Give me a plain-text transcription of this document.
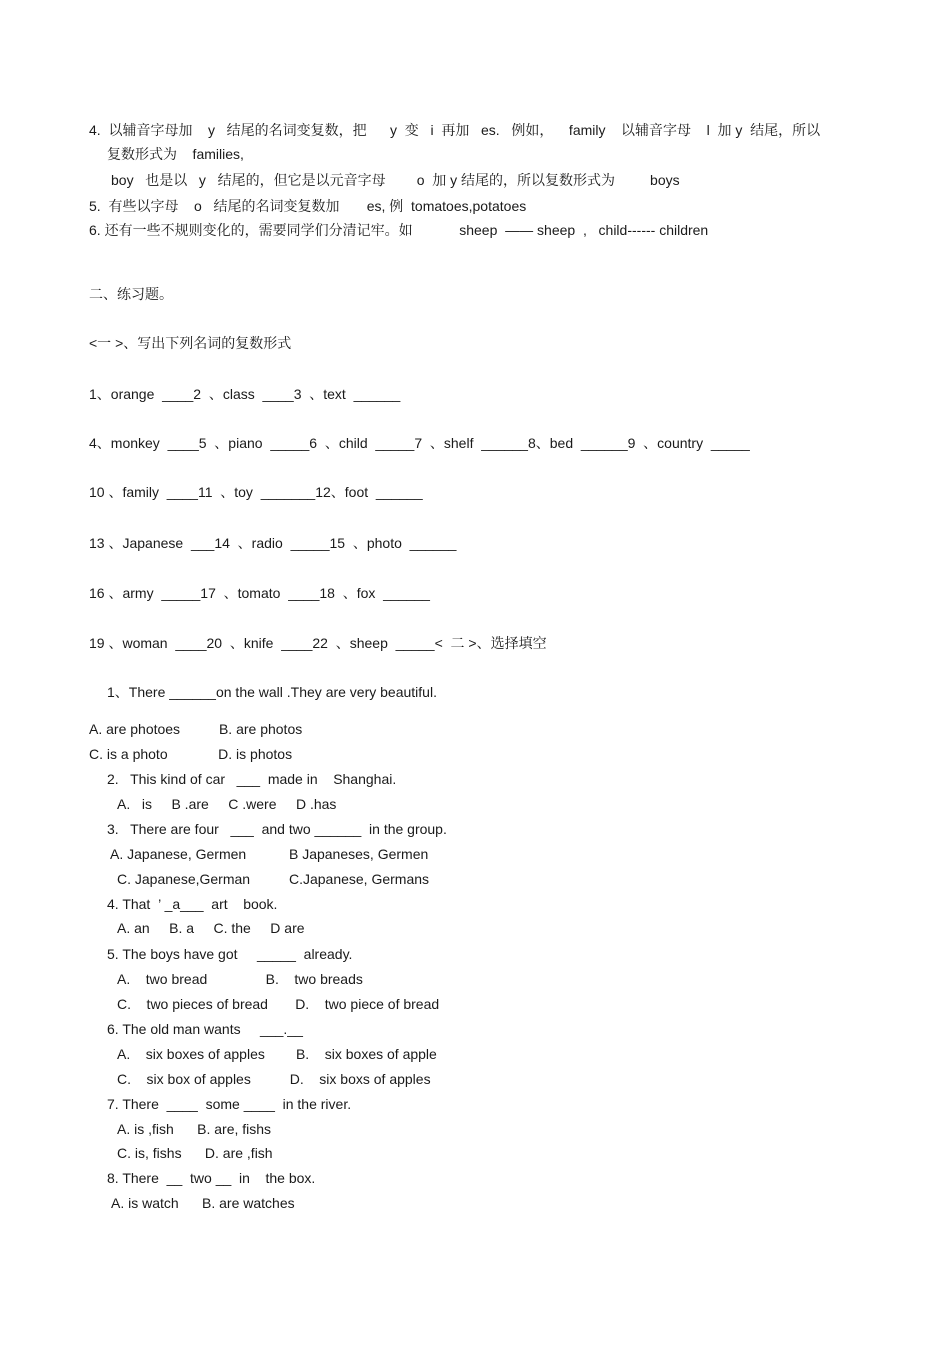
4.  以辅音字母加    y   结尾的名词变复数，把      y  变   i  再加   es.   例如，    family    以辅音字母    l  加 y  结尾，所以
复数形式为    families,
boy   也是以   y   结尾的，但它是以元音字母        o  加 y 结尾的，所以复数形式为         boys
5.  有些以字母    o   结尾的名词变复数加       es, 例  tomatoes,potatoes
6. 还有一些不规则变化的，需要同学们分清记牢。如            sheep  —— sheep  ,   child------ children
二、练习题。
<一 >、写出下列名词的复数形式
1、orange  ____2  、class  ____3  、text  ______
4、monkey  ____5  、piano  _____6  、child  _____7  、shelf  ______8、bed  ______9  、country  _____
10 、family  ____11  、toy  _______12、foot  ______
13 、Japanese  ___14  、radio  _____15  、photo  ______
16 、army  _____17  、tomato  ____18  、fox  ______
19 、woman  ____20  、knife  ____22  、sheep  _____<  二 >、选择填空
1、There ______on the wall .They are very beautiful.
A. are photoes          B. are photos
C. is a photo             D. is photos
2.   This kind of car   ___  made in    Shanghai.
A.   is     B .are     C .were     D .has
3.   There are four   ___  and two ______  in the group.
A. Japanese, Germen           B Japaneses, Germen
C. Japanese,German          C.Japanese, Germans
4. That  ’ _a___  art    book.
A. an     B. a     C. the     D are
5. The boys have got     _____  already.
A.    two bread               B.    two breads
C.    two pieces of bread       D.    two piece of bread
6. The old man wants     ___.__
A.    six boxes of apples        B.    six boxes of apple
C.    six box of apples          D.    six boxs of apples
7. There  ____  some ____  in the river.
A. is ,fish      B. are, fishs
C. is, fishs      D. are ,fish
8. There  __  two __  in    the box.
A. is watch      B. are watches
